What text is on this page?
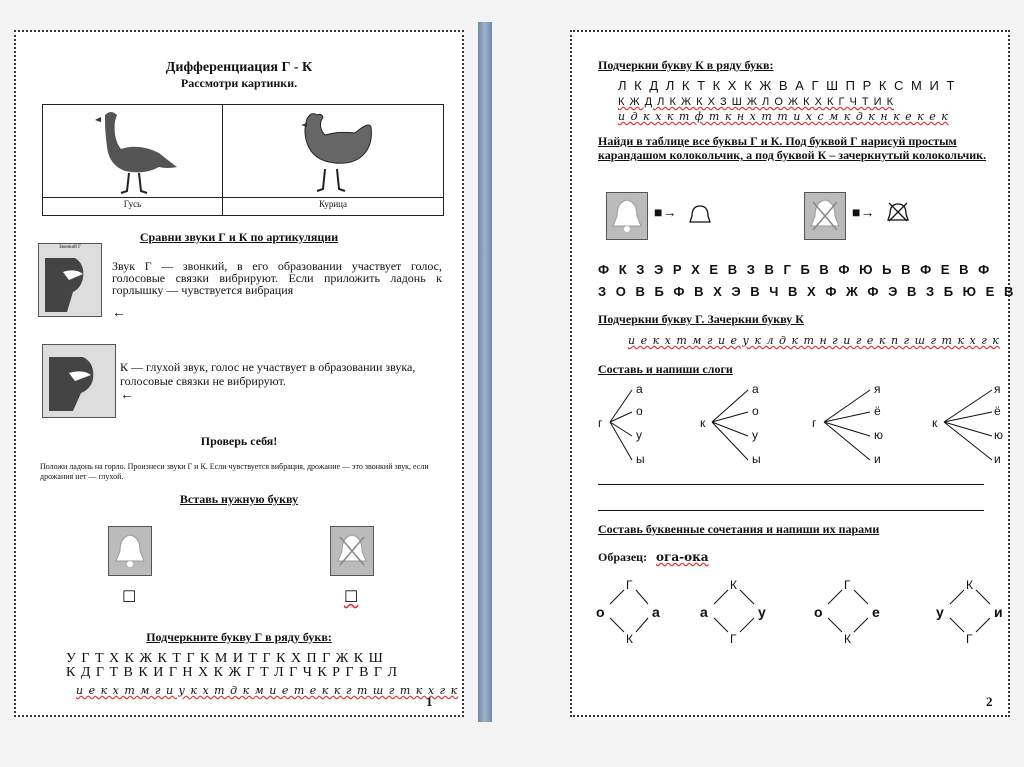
Дифференциация Г - К
Рассмотри картинки.
Гусь	Курица
Сравни звуки Г и К по артикуляции
Звонкий Г
Звук Г — звонкий, в его образовании участвует голос, голосовые связки вибрируют. Если приложить ладонь к горлышку — чувствуется вибрация
←
К — глухой звук, голос не участвует в образовании звука, голосовые связки не вибрируют.
←
Проверь себя!
Положи ладонь на горло. Произнеси звуки Г и К. Если чувствуется вибрация, дрожание — это звонкий звук, если дрожания нет — глухой.
Вставь нужную букву
☐	☐
Подчеркните букву Г в ряду букв:
У Г Т Х К Ж К Т Г К М И Т Г К Х П Г Ж К Ш
К Д Г Т В К И Г Н Х К Ж Г Т Л Г Ч К Р Г В Г Л
и е к х т м г и у к х т д к м и е т е к к г т ш г т к х г к
1
Подчеркни букву К в ряду букв:
Л К Д Л К Т К Х К Ж В А Г Ш П Р К С М И Т
К Ж Д Л К Ж К Х З Ш Ж Л О Ж К Х К Г Ч Т И К
и д к х к т ф т к н х т т и х с м к д к н к е к е к
Найди в таблице все буквы Г и К. Под буквой Г нарисуй простым карандашом колокольчик, а под буквой К – зачеркнутый колокольчик.
■→	■→
Ф К З Э Р Х Е В З В Г Б В Ф Ю Ь В Ф Е В Ф
З О В Б Ф В Х Э В Ч В Х Ф Ж Ф Э В З Б Ю Е В
Подчеркни букву Г. Зачеркни букву К
и е к х т м г и е у к л д к т н г и г е к п г ш г т к х г к
Составь и напиши слоги
г
а
о
у
ы
к
а
о
у
ы
г
я
ё
ю
и
к
я
ё
ю
и
Составь буквенные сочетания и напиши их парами
Образец: ога-ока
о	а
Г
К
а	у
К
Г
о	е
Г
К
у	и
К
Г
2
